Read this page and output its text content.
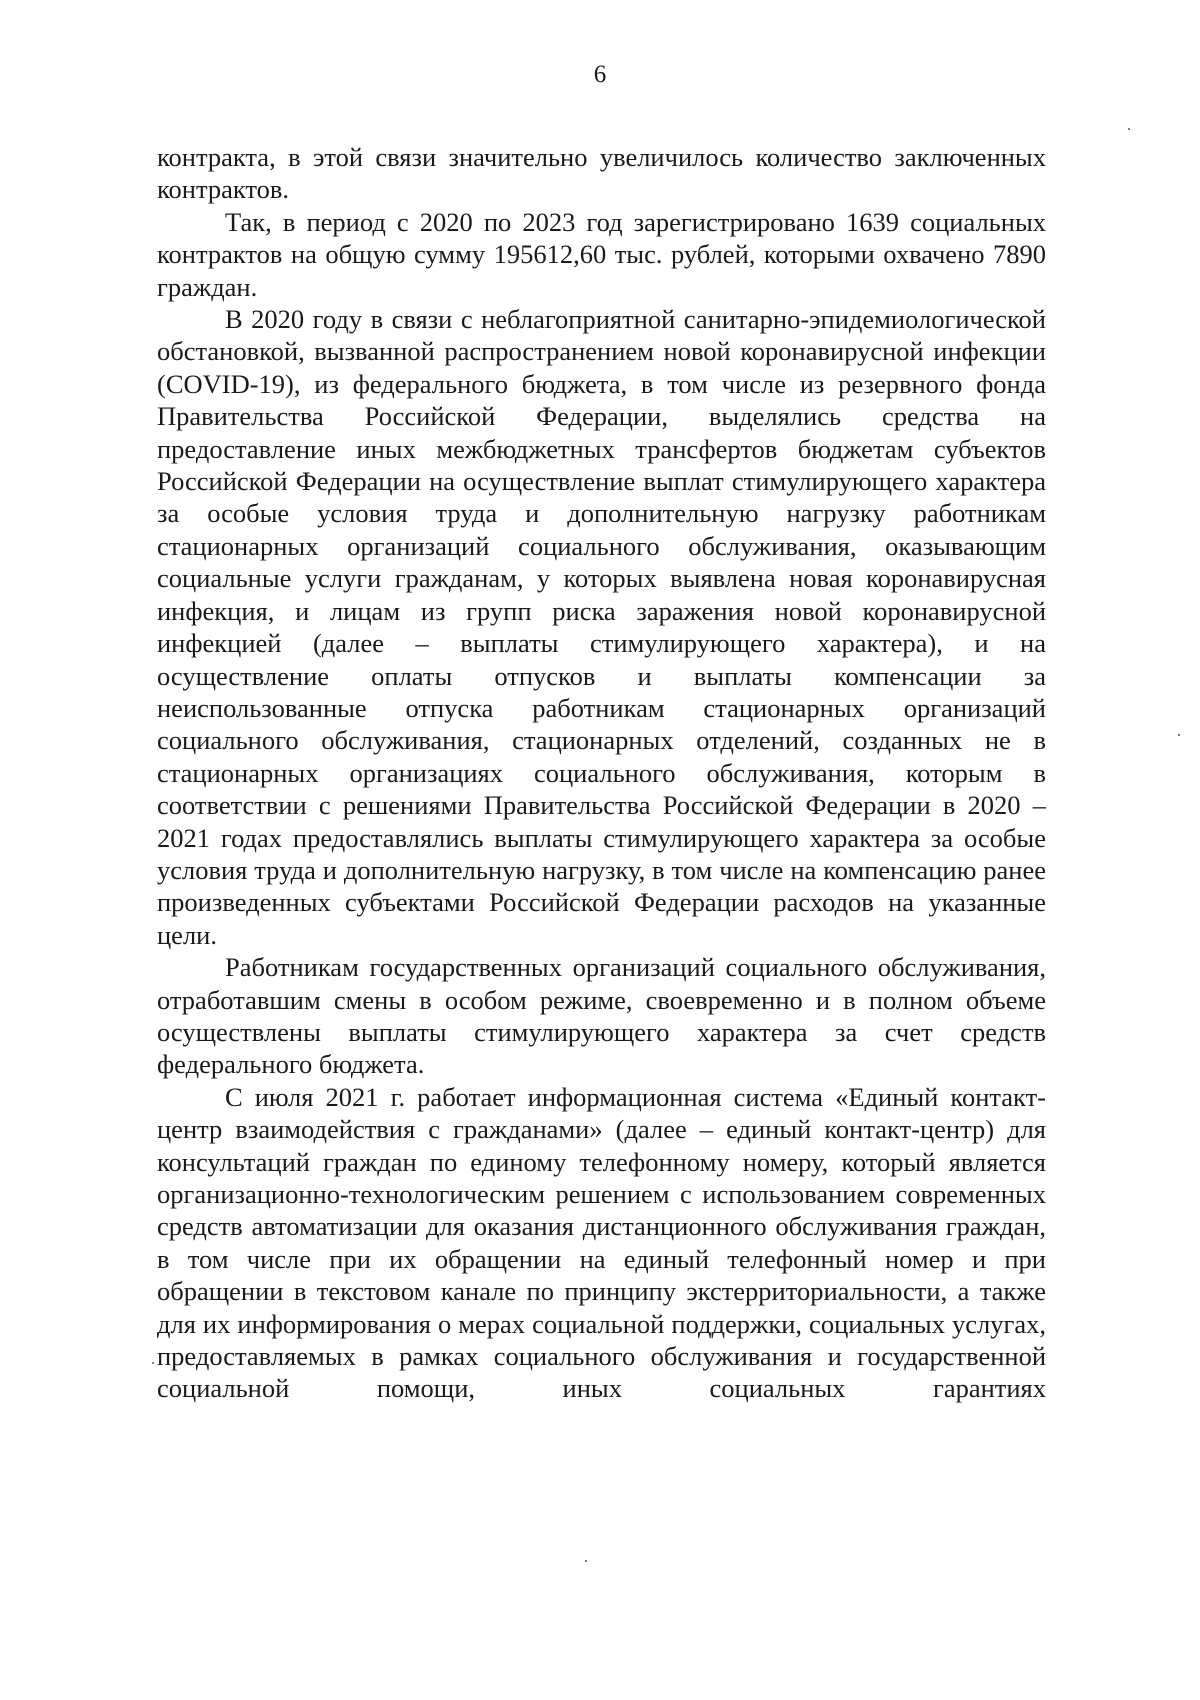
6

контракта, в этой связи значительно увеличилось количество заключенных контрактов.

Так, в период с 2020 по 2023 год зарегистрировано 1639 социальных контрактов на общую сумму 195612,60 тыс. рублей, которыми охвачено 7890 граждан.

В 2020 году в связи с неблагоприятной санитарно-эпидемиологической обстановкой, вызванной распространением новой коронавирусной инфекции (COVID-19), из федерального бюджета, в том числе из резервного фонда Правительства Российской Федерации, выделялись средства на предоставление иных межбюджетных трансфертов бюджетам субъектов Российской Федерации на осуществление выплат стимулирующего характера за особые условия труда и дополнительную нагрузку работникам стационарных организаций социального обслуживания, оказывающим социальные услуги гражданам, у которых выявлена новая коронавирусная инфекция, и лицам из групп риска заражения новой коронавирусной инфекцией (далее – выплаты стимулирующего характера), и на осуществление оплаты отпусков и выплаты компенсации за неиспользованные отпуска работникам стационарных организаций социального обслуживания, стационарных отделений, созданных не в стационарных организациях социального обслуживания, которым в соответствии с решениями Правительства Российской Федерации в 2020 – 2021 годах предоставлялись выплаты стимулирующего характера за особые условия труда и дополнительную нагрузку, в том числе на компенсацию ранее произведенных субъектами Российской Федерации расходов на указанные цели.

Работникам государственных организаций социального обслуживания, отработавшим смены в особом режиме, своевременно и в полном объеме осуществлены выплаты стимулирующего характера за счет средств федерального бюджета.

С июля 2021 г. работает информационная система «Единый контакт-центр взаимодействия с гражданами» (далее – единый контакт-центр) для консультаций граждан по единому телефонному номеру, который является организационно-технологическим решением с использованием современных средств автоматизации для оказания дистанционного обслуживания граждан, в том числе при их обращении на единый телефонный номер и при обращении в текстовом канале по принципу экстерриториальности, а также для их информирования о мерах социальной поддержки, социальных услугах, предоставляемых в рамках социального обслуживания и государственной социальной помощи, иных социальных гарантиях
